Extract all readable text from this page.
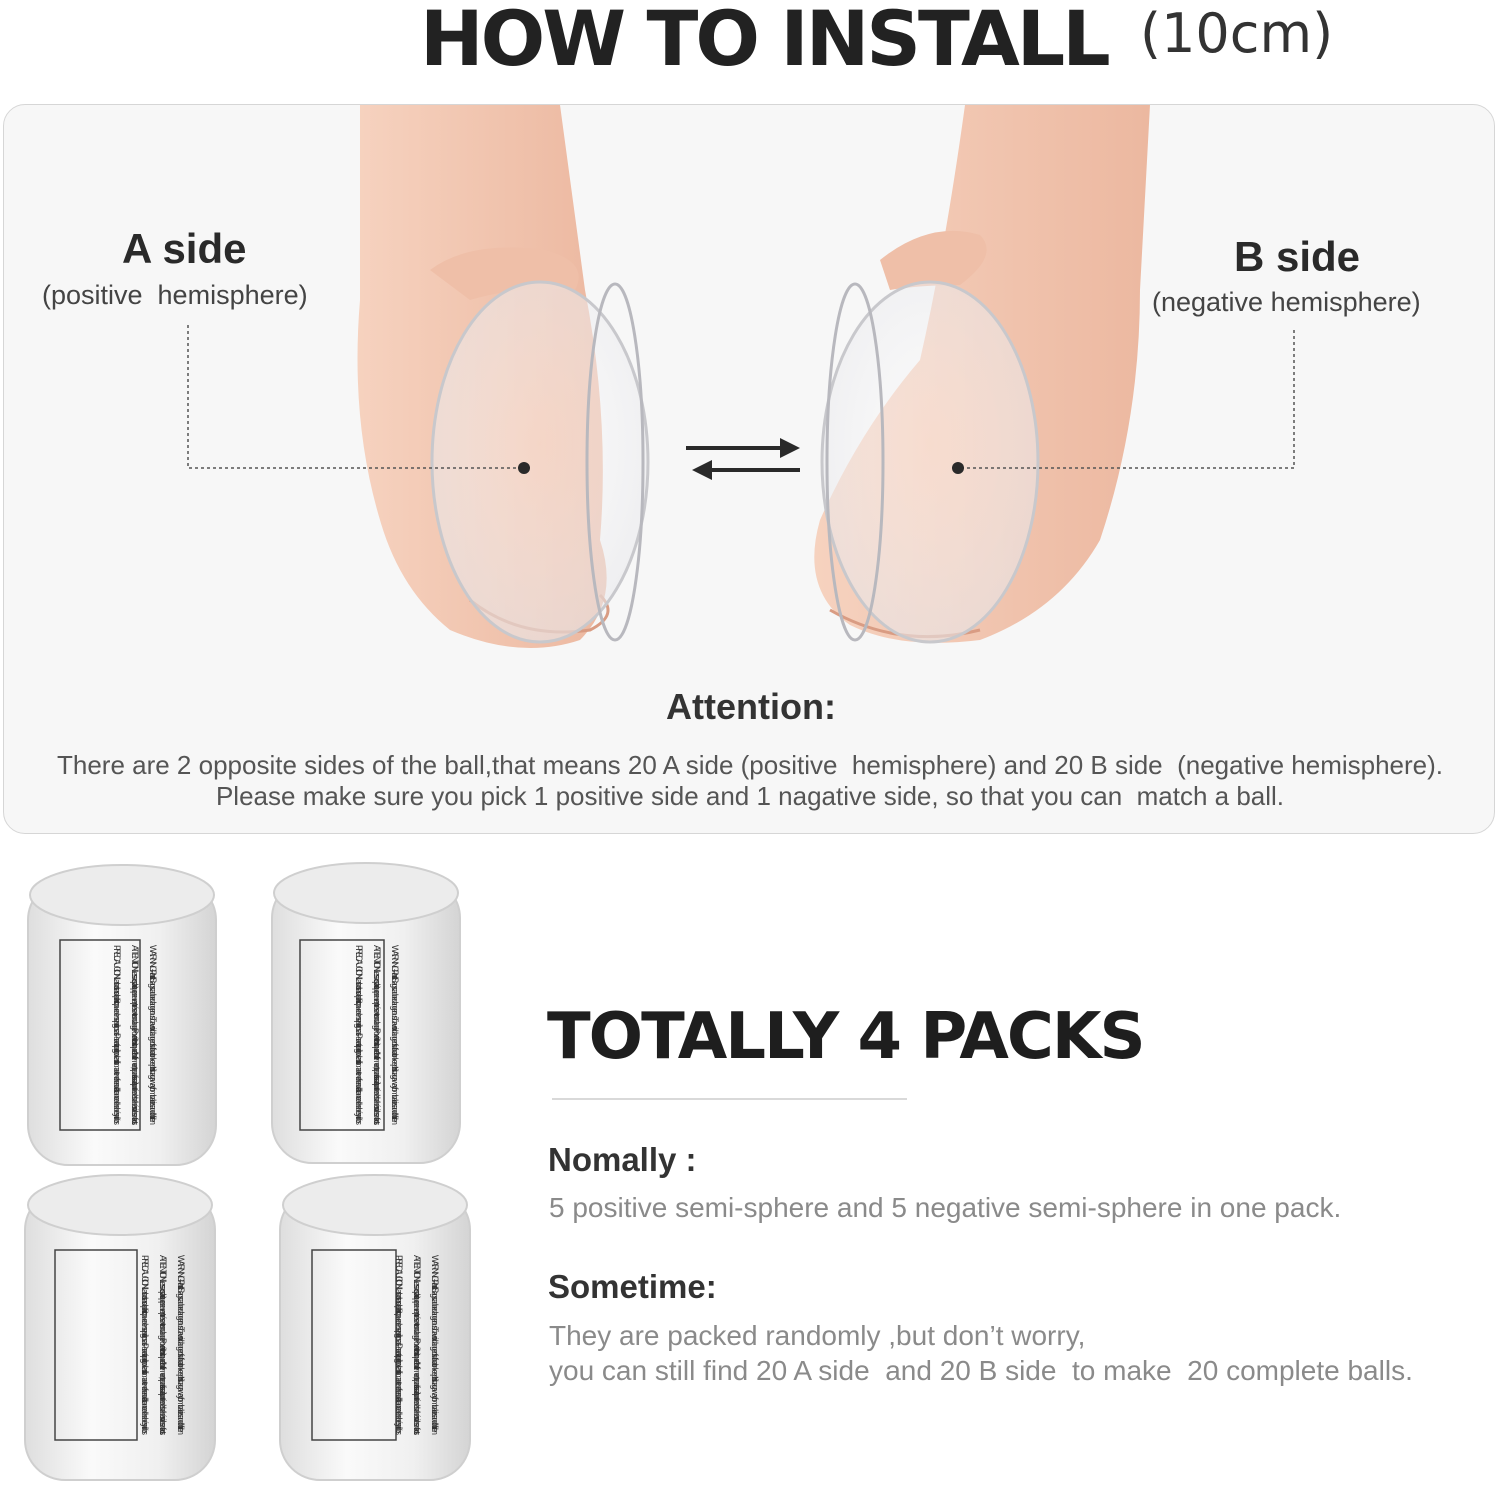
HOW TO INSTALL (10cm)
WARNING: Plastic Bags can be dangerous. To avoid danger of suffocation keep this bag away from babies and children
ATTENTION Les sacs plastique peuvent présenter un danger. Pour éviter tout risque d'étouffement, ne pas laisser à la portée des bébés ni des enfants.
PRECAUCION Las bolsas de plástico pueden ser peligrosas. Para evitar peligro de asfixia mantener fuera del alcance de bebés y niños
WARNING: Plastic Bags can be dangerous. To avoid danger of suffocation keep this bag away from babies and children
ATTENTION Les sacs plastique peuvent présenter un danger. Pour éviter tout risque d'étouffement, ne pas laisser à la portée des bébés ni des enfants.
PRECAUCION Las bolsas de plástico pueden ser peligrosas. Para evitar peligro de asfixia mantener fuera del alcance de bebés y niños
WARNING: Plastic Bags can be dangerous. To avoid danger of suffocation keep this bag away from babies and children
ATTENTION Les sacs plastique peuvent présenter un danger. Pour éviter tout risque d'étouffement, ne pas laisser à la portée des bébés ni des enfants.
PRECAUCION Las bolsas de plástico pueden ser peligrosas. Para evitar peligro de asfixia mantener fuera del alcance de bebés y niños
WARNING: Plastic Bags can be dangerous. To avoid danger of suffocation keep this bag away from babies and children
ATTENTION Les sacs plastique peuvent présenter un danger. Pour éviter tout risque d'étouffement, ne pas laisser à la portée des bébés ni des enfants.
PRECAUCION Las bolsas de plástico pueden ser peligrosas. Para evitar peligro de asfixia mantener fuera del alcance de bebés y niños
A side
(positive  hemisphere)
B side
(negative hemisphere)
Attention:
There are 2 opposite sides of the ball,that means 20 A side (positive  hemisphere) and 20 B side  (negative hemisphere).
Please make sure you pick 1 positive side and 1 nagative side, so that you can  match a ball.
TOTALLY 4 PACKS
Nomally :
5 positive semi-sphere and 5 negative semi-sphere in one pack.
Sometime:
They are packed randomly ,but don’t worry,
you can still find 20 A side  and 20 B side  to make  20 complete balls.
